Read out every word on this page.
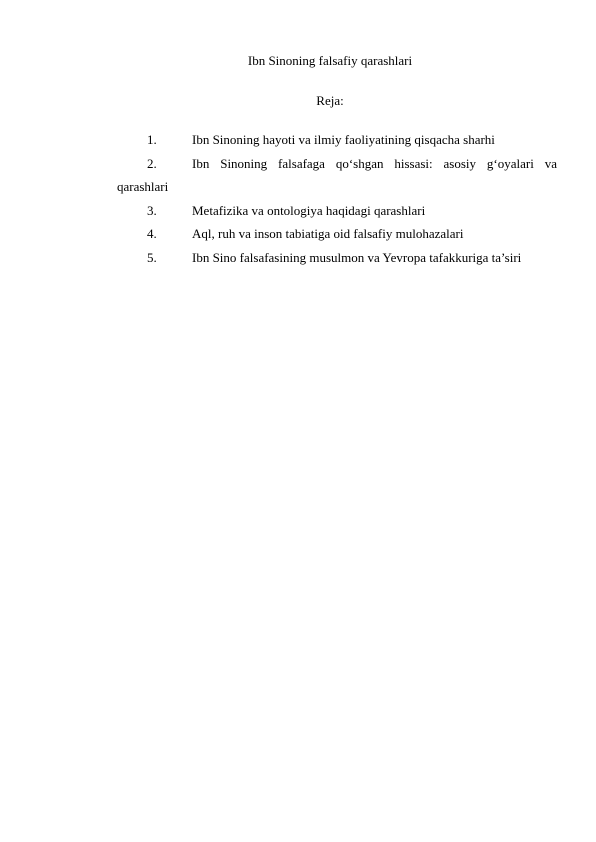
Ibn Sinoning falsafiy qarashlari
Reja:

1.	Ibn Sinoning hayoti va ilmiy faoliyatining qisqacha sharhi

2.	Ibn Sinoning falsafaga qo‘shgan hissasi: asosiy g‘oyalari va qarashlari

3.	Metafizika va ontologiya haqidagi qarashlari

4.	Aql, ruh va inson tabiatiga oid falsafiy mulohazalari

5.	Ibn Sino falsafasining musulmon va Yevropa tafakkuriga ta’siri
